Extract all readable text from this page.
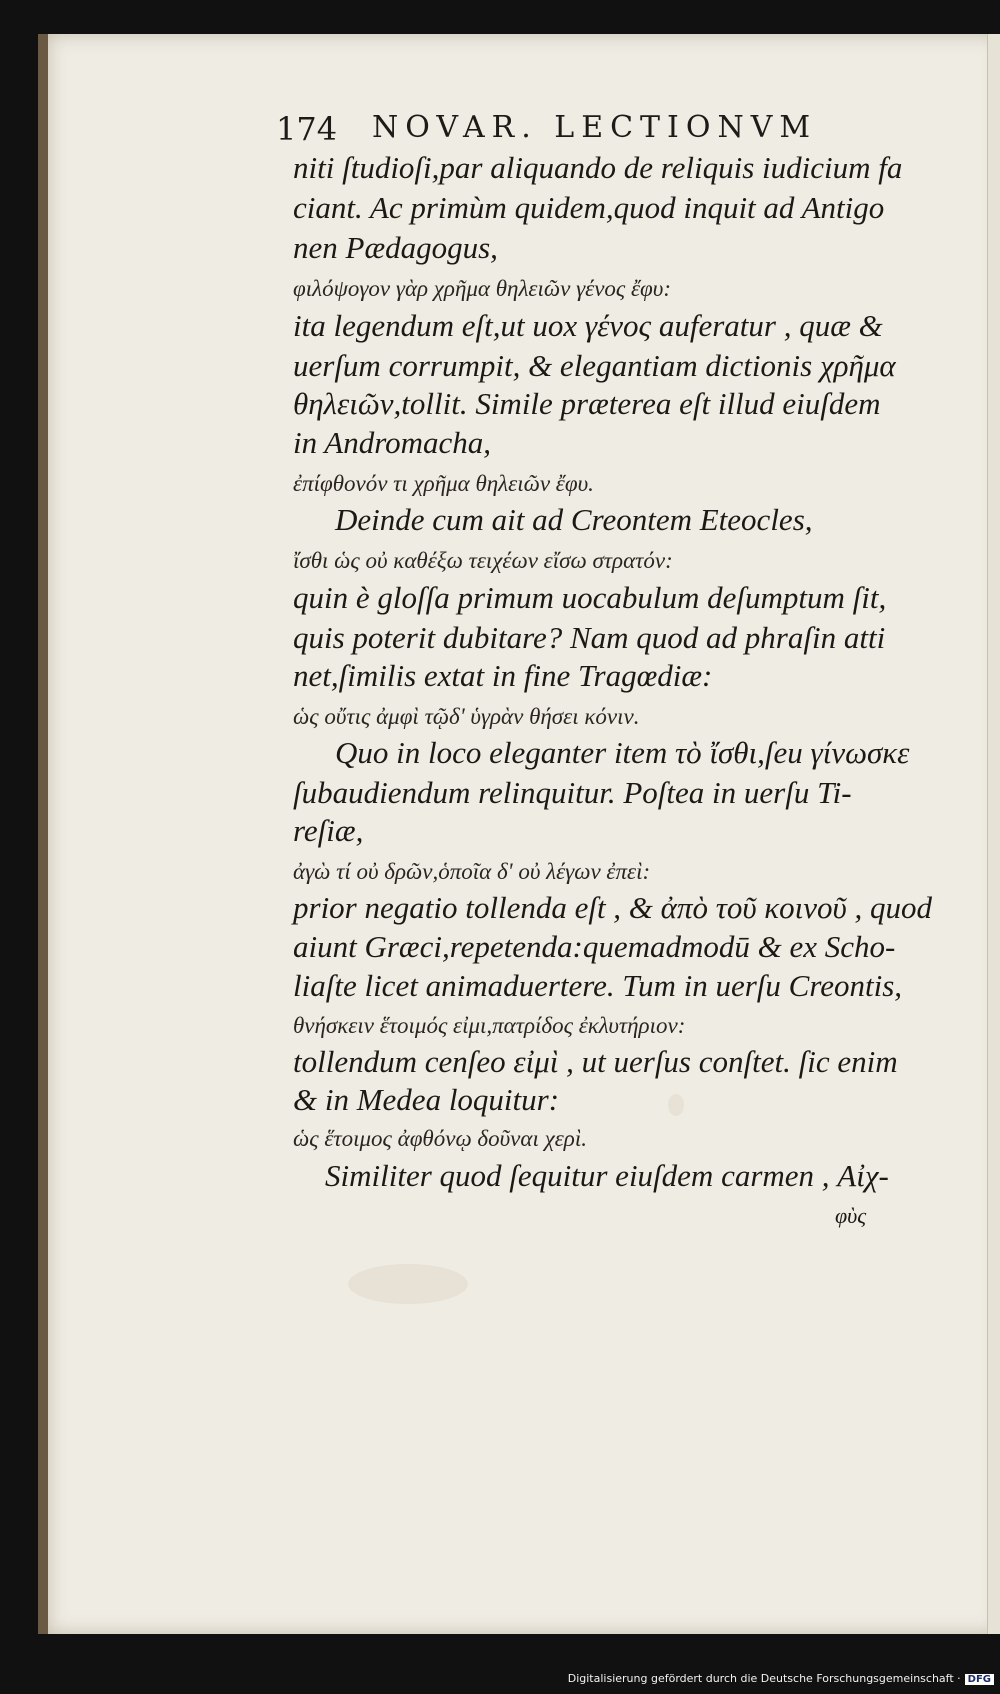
174 NOVAR. LECTIONVM
niti ſtudioſi,par aliquando de reliquis iudicium fa
ciant. Ac primùm quidem,quod inquit ad Antigo
nen Pædagogus,
φιλόψογον γὰρ χρῆμα θηλειῶν γένος ἔφυ:
ita legendum eſt,ut uox γένος auferatur , quæ &
uerſum corrumpit, & elegantiam dictionis χρῆμα
θηλειῶν,tollit. Simile præterea eſt illud eiuſdem
in Andromacha,
ἐπίφθονόν τι χρῆμα θηλειῶν ἔφυ.
Deinde cum ait ad Creontem Eteocles,
ἴσθι ὡς οὐ καθέξω τειχέων εἴσω στρατόν:
quin è gloſſa primum uocabulum deſumptum ſit,
quis poterit dubitare? Nam quod ad phraſin atti
net,ſimilis extat in fine Tragœdiæ:
ὡς οὔτις ἀμφὶ τῷδ' ὑγρὰν θήσει κόνιν.
Quo in loco eleganter item τὸ ἴσθι,ſeu γίνωσκε
ſubaudiendum relinquitur. Poſtea in uerſu Ti-
reſiæ,
ἀγὼ τί οὐ δρῶν,ὁποῖα δ' οὐ λέγων ἐπεὶ:
prior negatio tollenda eſt , & ἀπὸ τοῦ κοινοῦ , quod
aiunt Græci,repetenda:quemadmodū & ex Scho-
liaſte licet animaduertere. Tum in uerſu Creontis,
θνήσκειν ἕτοιμός εἰμι,πατρίδος ἐκλυτήριον:
tollendum cenſeo εἰμὶ , ut uerſus conſtet. ſic enim
& in Medea loquitur:
ὡς ἕτοιμος ἀφθόνῳ δοῦναι χερὶ.
Similiter quod ſequitur eiuſdem carmen , Αἰχ-
φὺς
Digitalisierung gefördert durch die Deutsche Forschungsgemeinschaft · DFG
